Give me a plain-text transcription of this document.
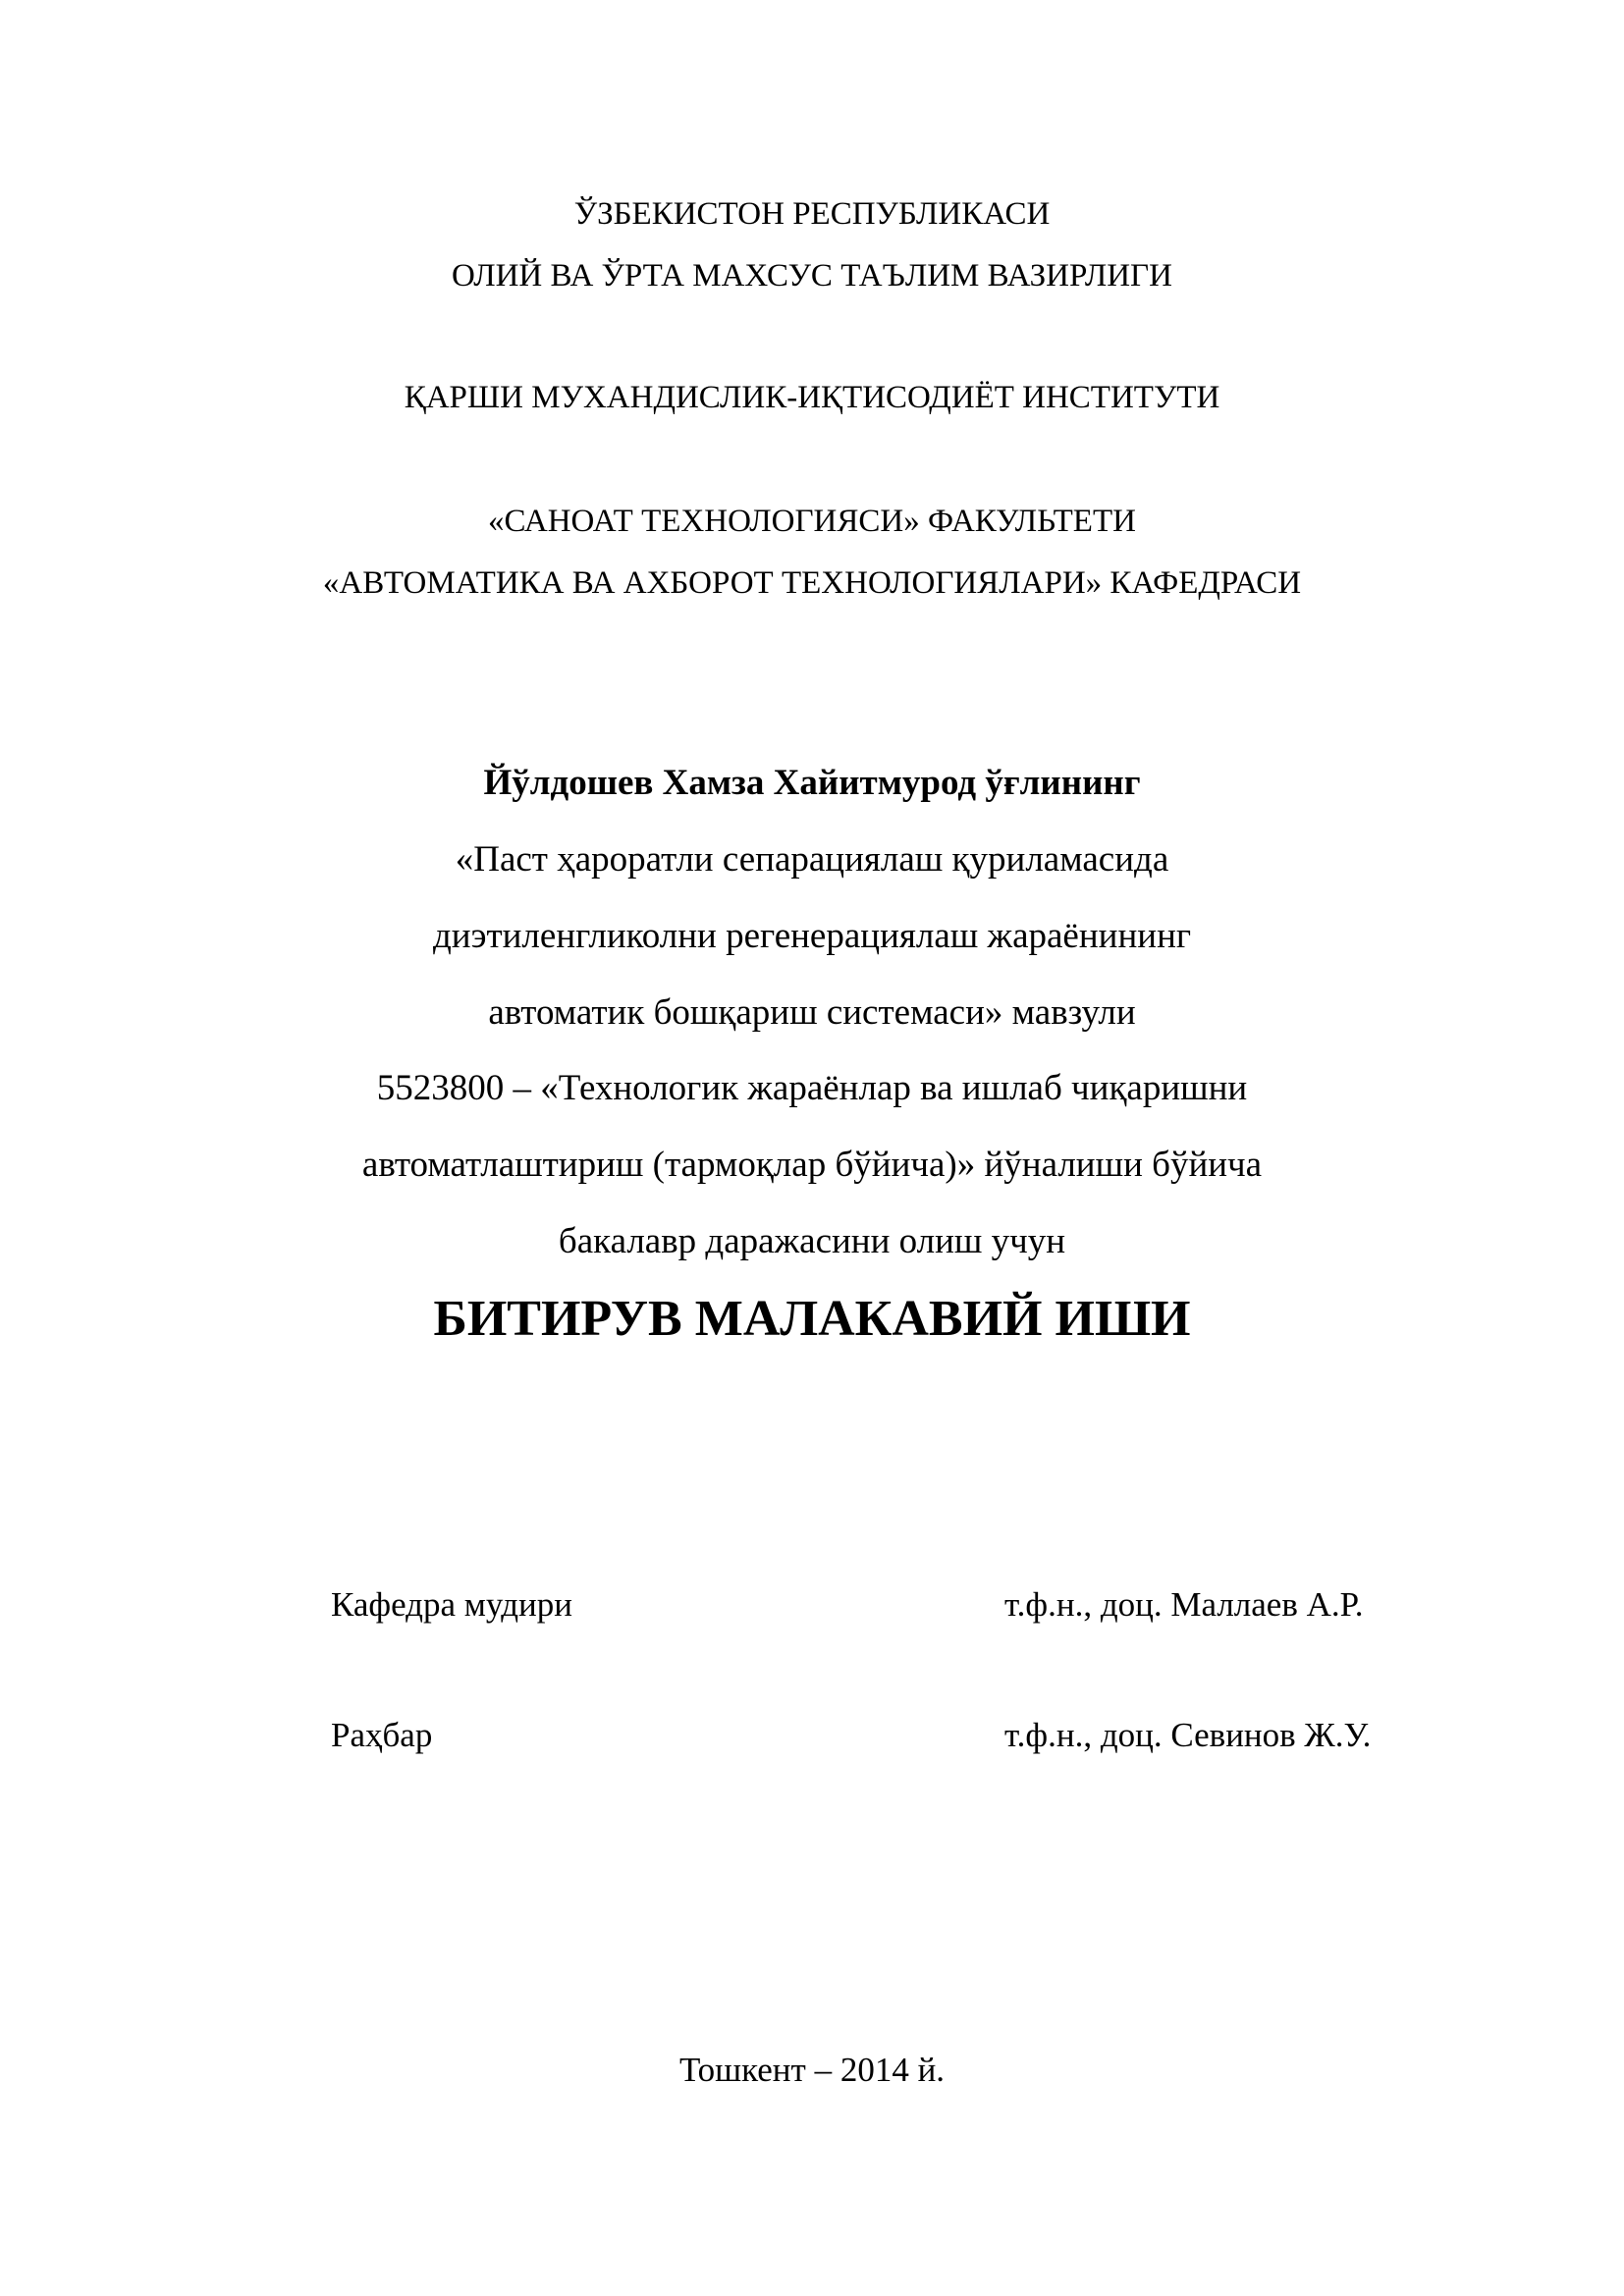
ЎЗБЕКИСТОН РЕСПУБЛИКАСИ
ОЛИЙ ВА ЎРТА МАХСУС ТАЪЛИМ ВАЗИРЛИГИ
ҚАРШИ МУХАНДИСЛИК-ИҚТИСОДИЁТ ИНСТИТУТИ
«САНОАТ ТЕХНОЛОГИЯСИ» ФАКУЛЬТЕТИ
«АВТОМАТИКА ВА АХБОРОТ ТЕХНОЛОГИЯЛАРИ» КАФЕДРАСИ
Йўлдошев Хамза Хайитмурод ўғлининг
«Паст ҳароратли сепарациялаш қуриламасида
диэтиленгликолни регенерациялаш жараёнининг
автоматик бошқариш системаси» мавзули
5523800 – «Технологик жараёнлар ва ишлаб чиқаришни
автоматлаштириш (тармоқлар бўйича)» йўналиши бўйича
бакалавр даражасини олиш учун
БИТИРУВ МАЛАКАВИЙ ИШИ
Кафедра мудири	т.ф.н., доц. Маллаев А.Р.
Раҳбар	т.ф.н., доц. Севинов Ж.У.
Тошкент – 2014 й.
